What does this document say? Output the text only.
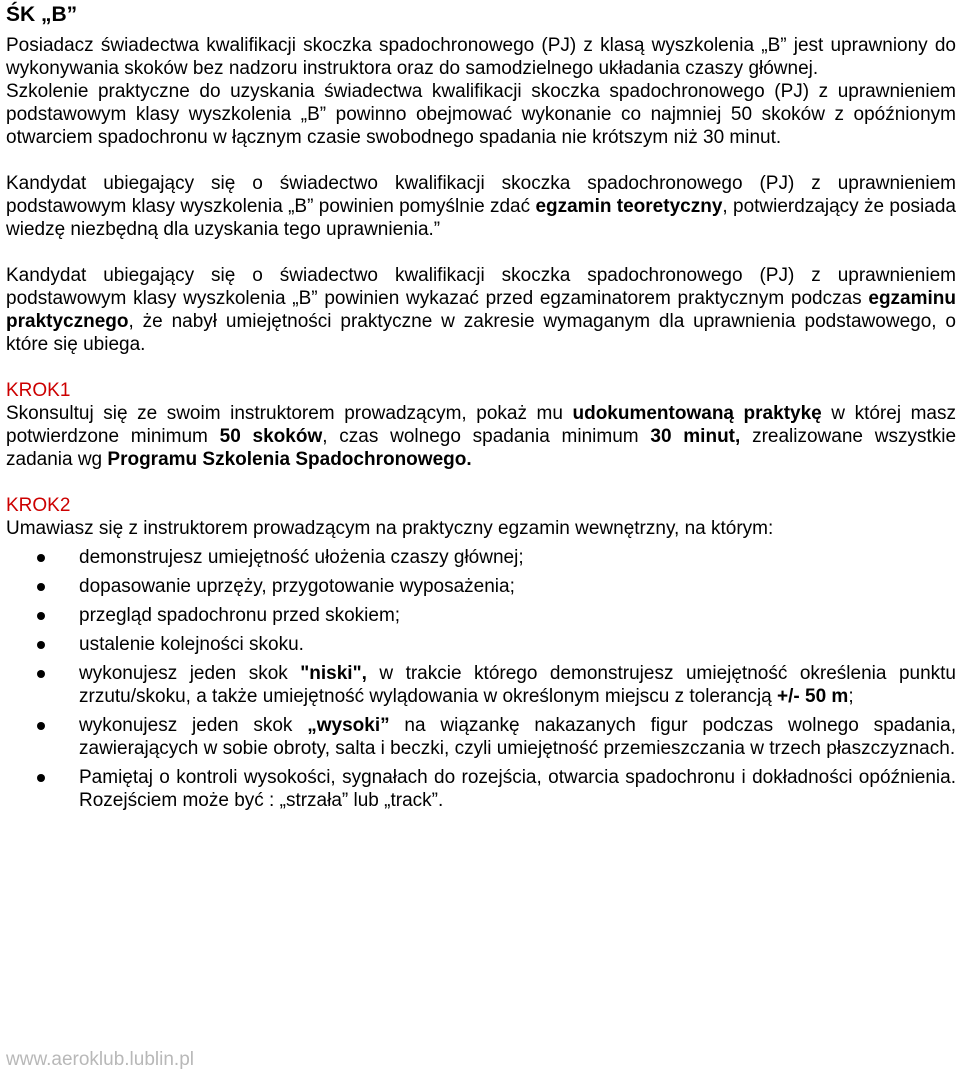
ŚK „B”

Posiadacz świadectwa kwalifikacji skoczka spadochronowego (PJ) z klasą wyszkolenia „B” jest uprawniony do wykonywania skoków bez nadzoru instruktora oraz do samodzielnego układania czaszy głównej.

Szkolenie praktyczne do uzyskania świadectwa kwalifikacji skoczka spadochronowego (PJ) z uprawnieniem podstawowym klasy wyszkolenia „B” powinno obejmować wykonanie co najmniej 50 skoków z opóźnionym otwarciem spadochronu w łącznym czasie swobodnego spadania nie krótszym niż 30 minut.

Kandydat ubiegający się o świadectwo kwalifikacji skoczka spadochronowego (PJ) z uprawnieniem podstawowym klasy wyszkolenia „B” powinien pomyślnie zdać egzamin teoretyczny, potwierdzający że posiada wiedzę niezbędną dla uzyskania tego uprawnienia.”

Kandydat ubiegający się o świadectwo kwalifikacji skoczka spadochronowego (PJ) z uprawnieniem podstawowym klasy wyszkolenia „B” powinien wykazać przed egzaminatorem praktycznym podczas egzaminu praktycznego, że nabył umiejętności praktyczne w zakresie wymaganym dla uprawnienia podstawowego, o które się ubiega.

KROK1

Skonsultuj się ze swoim instruktorem prowadzącym, pokaż mu udokumentowaną praktykę w której masz potwierdzone minimum 50 skoków, czas wolnego spadania minimum 30 minut, zrealizowane wszystkie zadania wg Programu Szkolenia Spadochronowego.

KROK2

Umawiasz się z instruktorem prowadzącym na praktyczny egzamin wewnętrzny, na którym:

demonstrujesz umiejętność ułożenia czaszy głównej;
dopasowanie uprzęży, przygotowanie wyposażenia;
przegląd spadochronu przed skokiem;
ustalenie kolejności skoku.
wykonujesz jeden skok "niski", w trakcie którego demonstrujesz umiejętność określenia punktu zrzutu/skoku, a także umiejętność wylądowania w określonym miejscu z tolerancją +/- 50 m;
wykonujesz jeden skok „wysoki” na wiązankę nakazanych figur podczas wolnego spadania, zawierających w sobie obroty, salta i beczki, czyli umiejętność przemieszczania w trzech płaszczyznach.
Pamiętaj o kontroli wysokości, sygnałach do rozejścia, otwarcia spadochronu i dokładności opóźnienia. Rozejściem może być : „strzała” lub „track”.
www.aeroklub.lublin.pl
